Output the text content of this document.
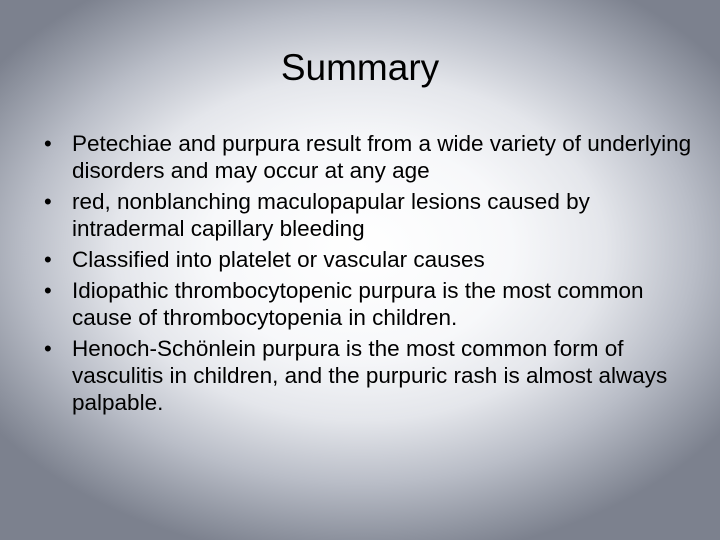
Summary
• Petechiae and purpura result from a wide variety of underlying disorders and may occur at any age
• red, nonblanching maculopapular lesions caused by intradermal capillary bleeding
• Classified into platelet or vascular causes
• Idiopathic thrombocytopenic purpura is the most common cause of thrombocytopenia in children.
• Henoch-Schönlein purpura is the most common form of vasculitis in children, and the purpuric rash is almost always palpable.
